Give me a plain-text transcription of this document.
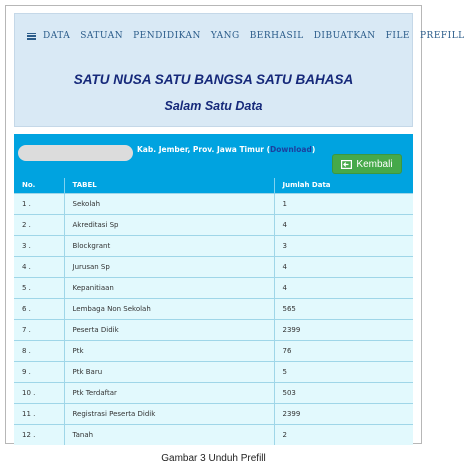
DATA SATUAN PENDIDIKAN YANG BERHASIL DIBUATKAN FILE PREFILL
SATU NUSA SATU BANGSA SATU BAHASA
Salam Satu Data
Kab. Jember, Prov. Jawa Timur (Download)
Kembali
No.	TABEL	Jumlah Data
1 .	Sekolah	1
2 .	Akreditasi Sp	4
3 .	Blockgrant	3
4 .	Jurusan Sp	4
5 .	Kepanitiaan	4
6 .	Lembaga Non Sekolah	565
7 .	Peserta Didik	2399
8 .	Ptk	76
9 .	Ptk Baru	5
10 .	Ptk Terdaftar	503
11 .	Registrasi Peserta Didik	2399
12 .	Tanah	2
Gambar 3 Unduh Prefill
